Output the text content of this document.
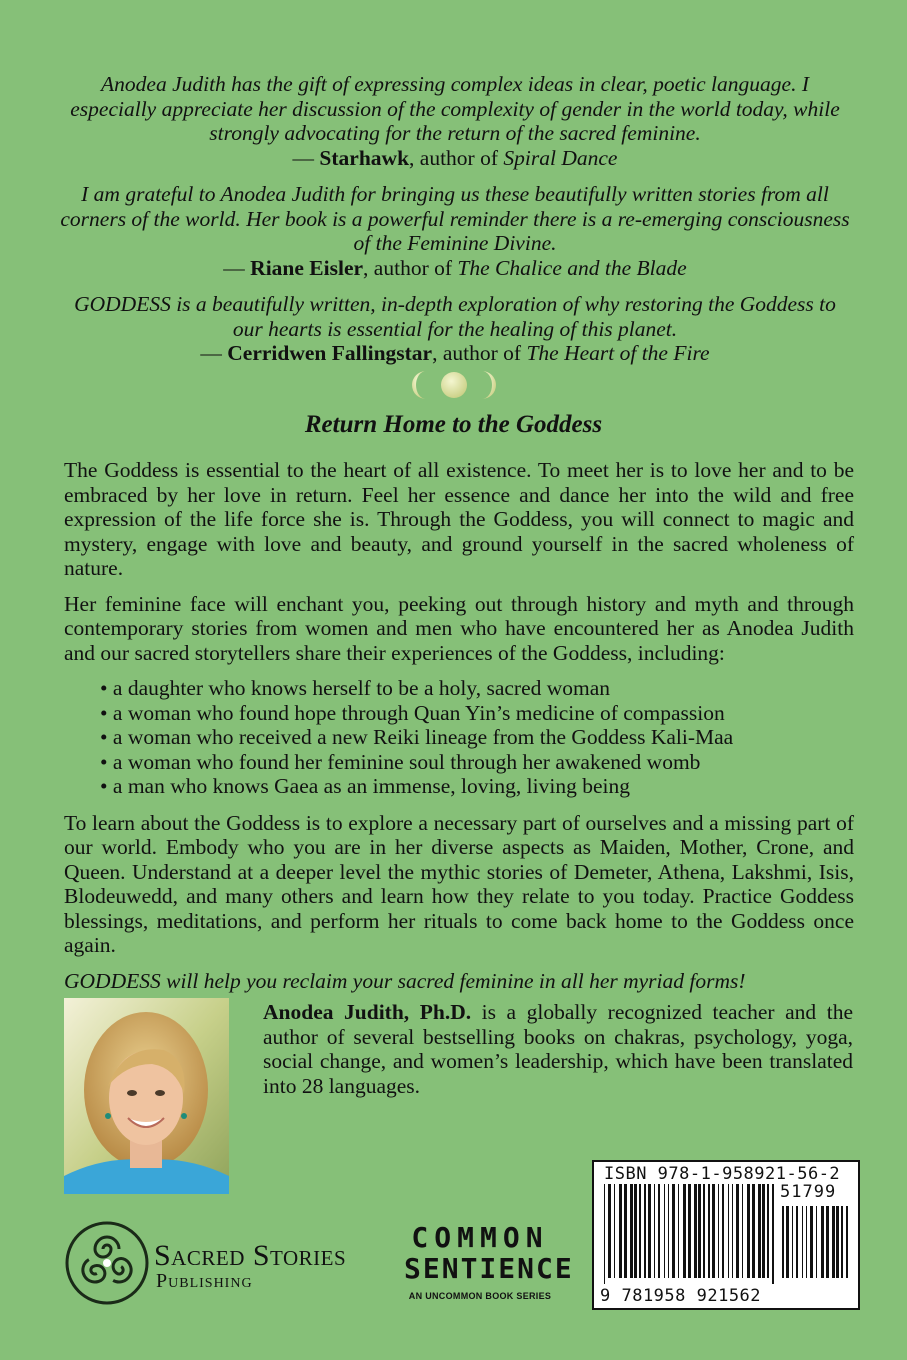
Anodea Judith has the gift of expressing complex ideas in clear, poetic language. I especially appreciate her discussion of the complexity of gender in the world today, while strongly advocating for the return of the sacred feminine.

— Starhawk, author of Spiral Dance

I am grateful to Anodea Judith for bringing us these beautifully written stories from all corners of the world. Her book is a powerful reminder there is a re-emerging consciousness of the Feminine Divine.

— Riane Eisler, author of The Chalice and the Blade

GODDESS is a beautifully written, in-depth exploration of why restoring the Goddess to our hearts is essential for the healing of this planet.

— Cerridwen Fallingstar, author of The Heart of the Fire

Return Home to the Goddess

The Goddess is essential to the heart of all existence. To meet her is to love her and to be embraced by her love in return. Feel her essence and dance her into the wild and free expression of the life force she is. Through the Goddess, you will connect to magic and mystery, engage with love and beauty, and ground yourself in the sacred wholeness of nature.

Her feminine face will enchant you, peeking out through history and myth and through contemporary stories from women and men who have encountered her as Anodea Judith and our sacred storytellers share their experiences of the Goddess, including:

• a daughter who knows herself to be a holy, sacred woman
• a woman who found hope through Quan Yin’s medicine of compassion
• a woman who received a new Reiki lineage from the Goddess Kali-Maa
• a woman who found her feminine soul through her awakened womb
• a man who knows Gaea as an immense, loving, living being

To learn about the Goddess is to explore a necessary part of ourselves and a missing part of our world. Embody who you are in her diverse aspects as Maiden, Mother, Crone, and Queen. Understand at a deeper level the mythic stories of Demeter, Athena, Lakshmi, Isis, Blodeuwedd, and many others and learn how they relate to you today. Practice Goddess blessings, meditations, and perform her rituals to come back home to the Goddess once again.

GODDESS will help you reclaim your sacred feminine in all her myriad forms!

Anodea Judith, Ph.D. is a globally recognized teacher and the author of several bestselling books on chakras, psychology, yoga, social change, and women’s leadership, which have been translated into 28 languages.

ISBN 978-1-958921-56-2
51799
9 781958 921562
Sacred Stories
Publishing
COMMON
SENTIENCE
AN UNCOMMON BOOK SERIES
